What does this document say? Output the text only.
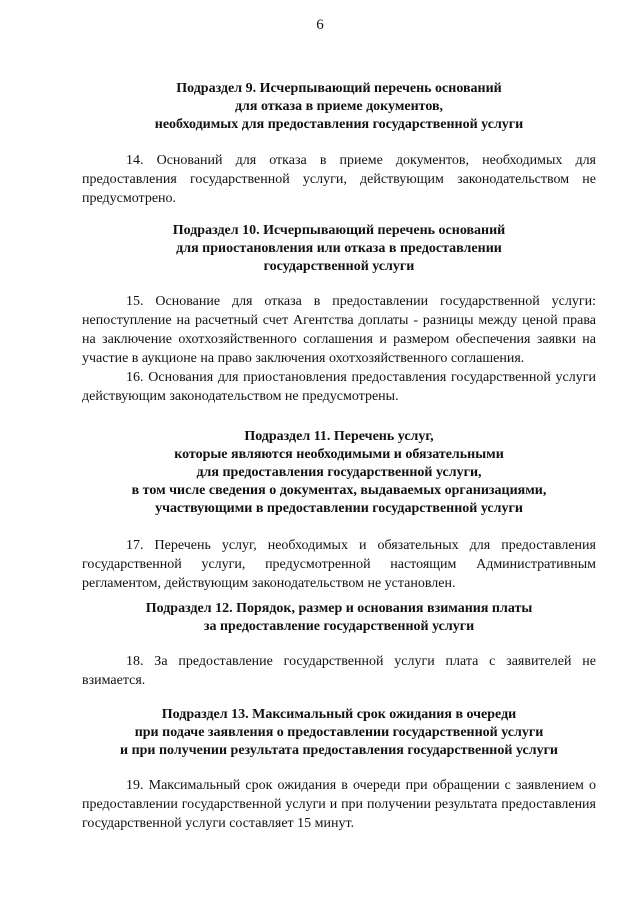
6
Подраздел 9. Исчерпывающий перечень оснований
для отказа в приеме документов,
необходимых для предоставления государственной услуги

14. Оснований для отказа в приеме документов, необходимых для предоставления государственной услуги, действующим законодательством не предусмотрено.

Подраздел 10. Исчерпывающий перечень оснований
для приостановления или отказа в предоставлении
государственной услуги

15. Основание для отказа в предоставлении государственной услуги: непоступление на расчетный счет Агентства доплаты - разницы между ценой права на заключение охотхозяйственного соглашения и размером обеспечения заявки на участие в аукционе на право заключения охотхозяйственного соглашения.

16. Основания для приостановления предоставления государственной услуги действующим законодательством не предусмотрены.

Подраздел 11. Перечень услуг,
которые являются необходимыми и обязательными
для предоставления государственной услуги,
в том числе сведения о документах, выдаваемых организациями,
участвующими в предоставлении государственной услуги

17. Перечень услуг, необходимых и обязательных для предоставления государственной услуги, предусмотренной настоящим Административным регламентом, действующим законодательством не установлен.

Подраздел 12. Порядок, размер и основания взимания платы
за предоставление государственной услуги

18. За предоставление государственной услуги плата с заявителей не взимается.

Подраздел 13. Максимальный срок ожидания в очереди
при подаче заявления о предоставлении государственной услуги
и при получении результата предоставления государственной услуги

19. Максимальный срок ожидания в очереди при обращении с заявлением о предоставлении государственной услуги и при получении результата предоставления государственной услуги составляет 15 минут.
